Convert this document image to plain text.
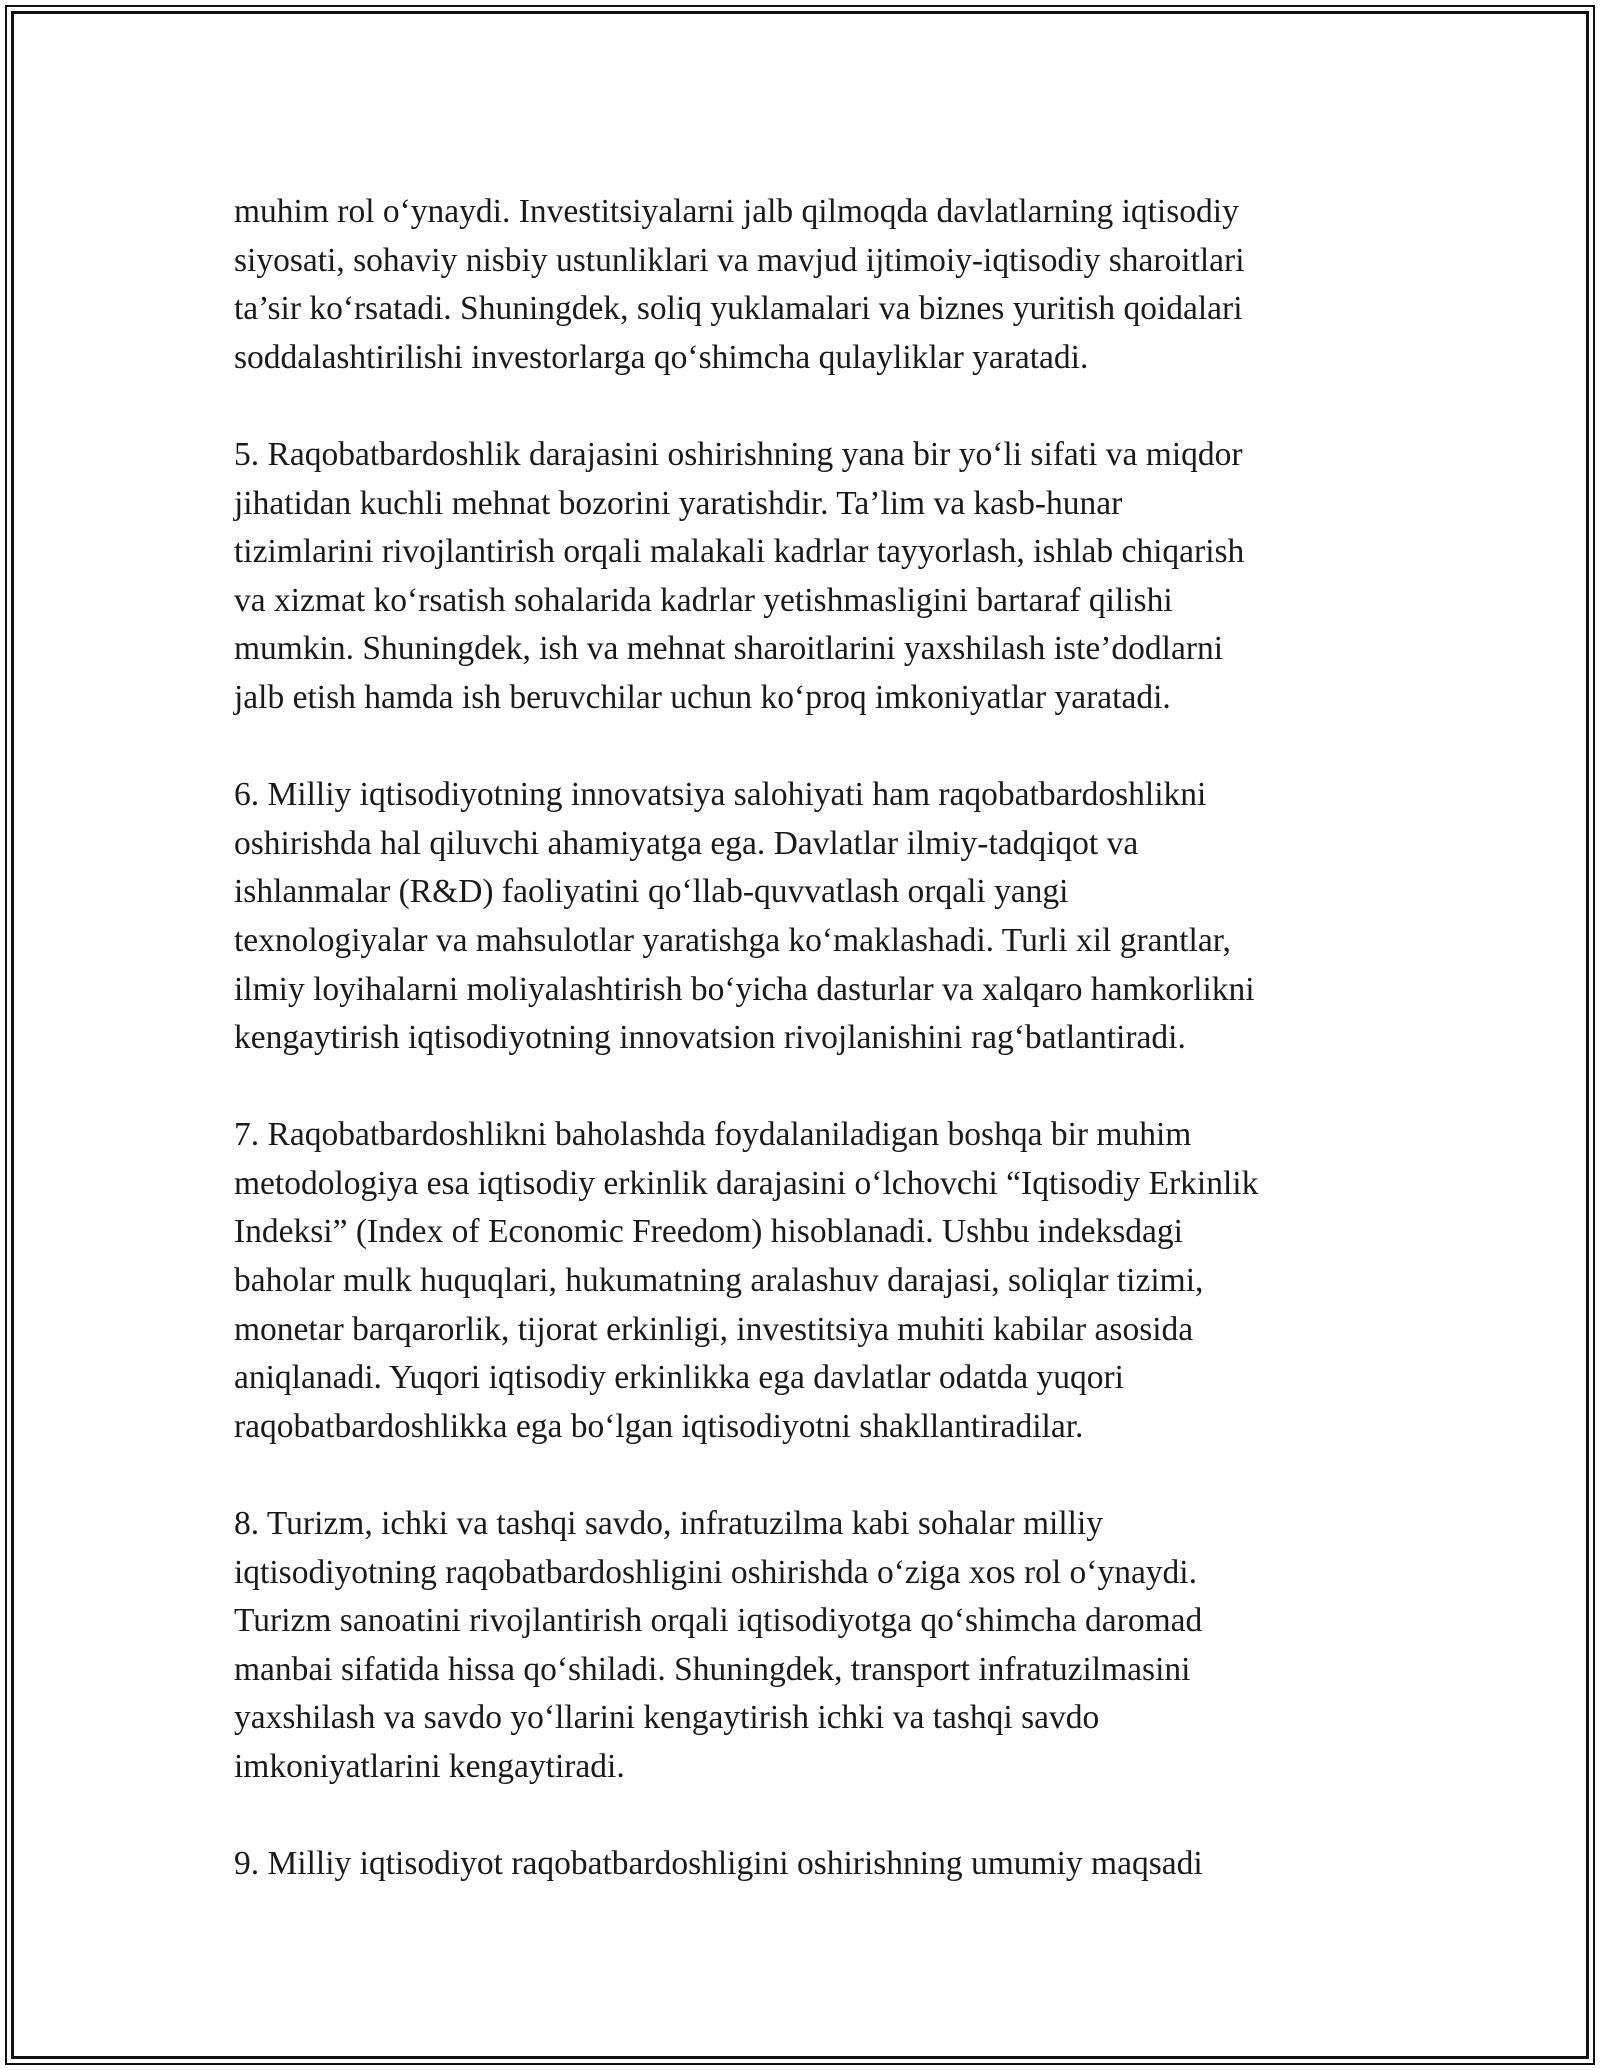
muhim rol o‘ynaydi. Investitsiyalarni jalb qilmoqda davlatlarning iqtisodiy
siyosati, sohaviy nisbiy ustunliklari va mavjud ijtimoiy-iqtisodiy sharoitlari
ta’sir ko‘rsatadi. Shuningdek, soliq yuklamalari va biznes yuritish qoidalari
soddalashtirilishi investorlarga qo‘shimcha qulayliklar yaratadi.
5. Raqobatbardoshlik darajasini oshirishning yana bir yo‘li sifati va miqdor
jihatidan kuchli mehnat bozorini yaratishdir. Ta’lim va kasb-hunar
tizimlarini rivojlantirish orqali malakali kadrlar tayyorlash, ishlab chiqarish
va xizmat ko‘rsatish sohalarida kadrlar yetishmasligini bartaraf qilishi
mumkin. Shuningdek, ish va mehnat sharoitlarini yaxshilash iste’dodlarni
jalb etish hamda ish beruvchilar uchun ko‘proq imkoniyatlar yaratadi.
6. Milliy iqtisodiyotning innovatsiya salohiyati ham raqobatbardoshlikni
oshirishda hal qiluvchi ahamiyatga ega. Davlatlar ilmiy-tadqiqot va
ishlanmalar (R&D) faoliyatini qo‘llab-quvvatlash orqali yangi
texnologiyalar va mahsulotlar yaratishga ko‘maklashadi. Turli xil grantlar,
ilmiy loyihalarni moliyalashtirish bo‘yicha dasturlar va xalqaro hamkorlikni
kengaytirish iqtisodiyotning innovatsion rivojlanishini rag‘batlantiradi.
7. Raqobatbardoshlikni baholashda foydalaniladigan boshqa bir muhim
metodologiya esa iqtisodiy erkinlik darajasini o‘lchovchi “Iqtisodiy Erkinlik
Indeksi” (Index of Economic Freedom) hisoblanadi. Ushbu indeksdagi
baholar mulk huquqlari, hukumatning aralashuv darajasi, soliqlar tizimi,
monetar barqarorlik, tijorat erkinligi, investitsiya muhiti kabilar asosida
aniqlanadi. Yuqori iqtisodiy erkinlikka ega davlatlar odatda yuqori
raqobatbardoshlikka ega bo‘lgan iqtisodiyotni shakllantiradilar.
8. Turizm, ichki va tashqi savdo, infratuzilma kabi sohalar milliy
iqtisodiyotning raqobatbardoshligini oshirishda o‘ziga xos rol o‘ynaydi.
Turizm sanoatini rivojlantirish orqali iqtisodiyotga qo‘shimcha daromad
manbai sifatida hissa qo‘shiladi. Shuningdek, transport infratuzilmasini
yaxshilash va savdo yo‘llarini kengaytirish ichki va tashqi savdo
imkoniyatlarini kengaytiradi.
9. Milliy iqtisodiyot raqobatbardoshligini oshirishning umumiy maqsadi
